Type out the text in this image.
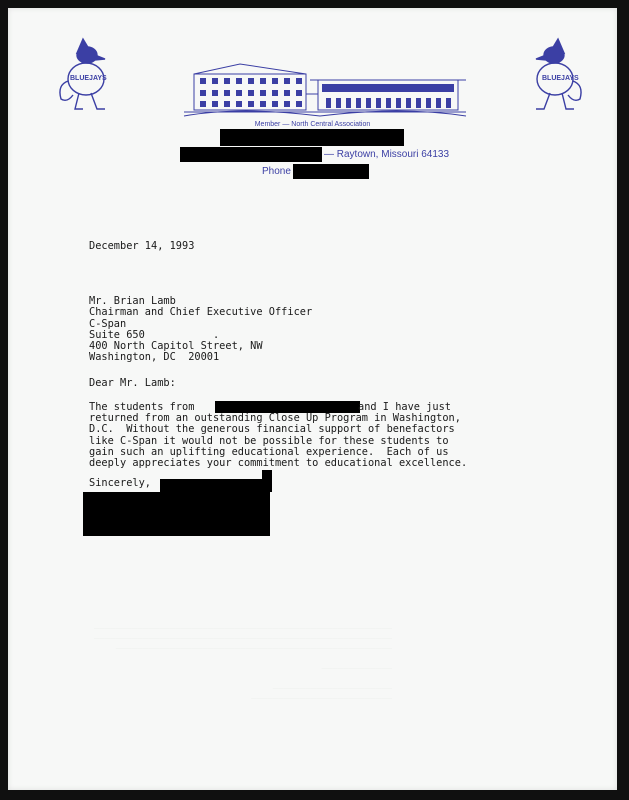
BLUEJAYS	BLUEJAYS
Member — North Central Association
— Raytown, Missouri 64133
Phone
December 14, 1993
Mr. Brian Lamb
Chairman and Chief Executive Officer
C-Span
Suite 650           .
400 North Capitol Street, NW
Washington, DC  20001
Dear Mr. Lamb:
The students from	and I have just
returned from an outstanding Close Up Program in Washington,
D.C.  Without the generous financial support of benefactors
like C-Span it would not be possible for these students to
gain such an uplifting educational experience.  Each of us
deeply appreciates your commitment to educational excellence.
Sincerely,
_______________________________________________________
_______________________________________________________
___________________________________________________

_____________

______________________
__________________________
